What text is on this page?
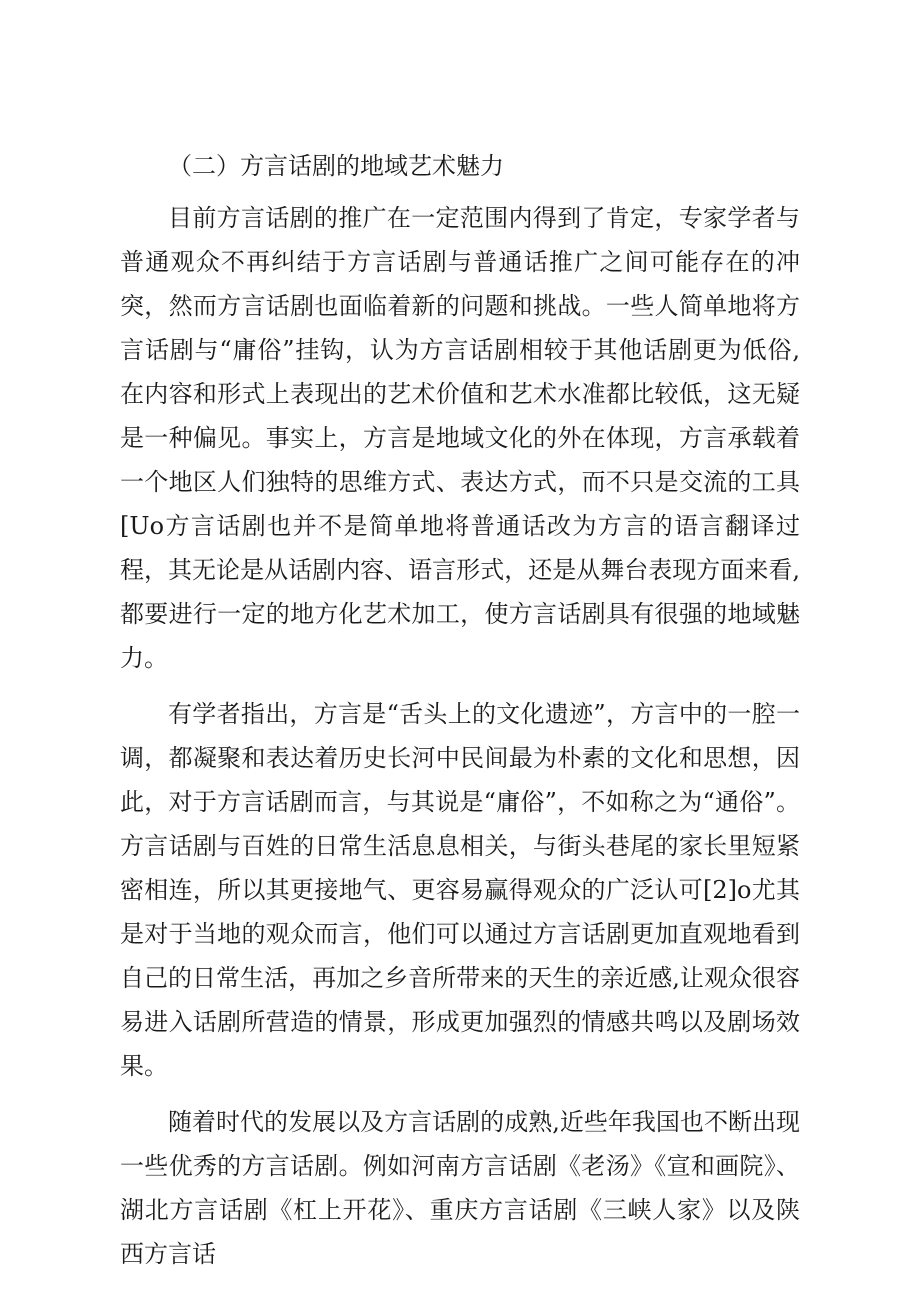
（二）方言话剧的地域艺术魅力

目前方言话剧的推广在一定范围内得到了肯定，专家学者与普通观众不再纠结于方言话剧与普通话推广之间可能存在的冲突，然而方言话剧也面临着新的问题和挑战。一些人简单地将方言话剧与“庸俗”挂钩，认为方言话剧相较于其他话剧更为低俗,在内容和形式上表现出的艺术价值和艺术水准都比较低，这无疑是一种偏见。事实上，方言是地域文化的外在体现，方言承载着一个地区人们独特的思维方式、表达方式，而不只是交流的工具[Uo方言话剧也并不是简单地将普通话改为方言的语言翻译过程，其无论是从话剧内容、语言形式，还是从舞台表现方面来看,都要进行一定的地方化艺术加工，使方言话剧具有很强的地域魅力。

有学者指出，方言是“舌头上的文化遗迹”，方言中的一腔一调，都凝聚和表达着历史长河中民间最为朴素的文化和思想，因此，对于方言话剧而言，与其说是“庸俗”，不如称之为“通俗”。方言话剧与百姓的日常生活息息相关，与街头巷尾的家长里短紧密相连，所以其更接地气、更容易赢得观众的广泛认可[2]o尤其是对于当地的观众而言，他们可以通过方言话剧更加直观地看到自己的日常生活，再加之乡音所带来的天生的亲近感,让观众很容易进入话剧所营造的情景，形成更加强烈的情感共鸣以及剧场效果。

随着时代的发展以及方言话剧的成熟,近些年我国也不断出现一些优秀的方言话剧。例如河南方言话剧《老汤》《宣和画院》、湖北方言话剧《杠上开花》、重庆方言话剧《三峡人家》以及陕西方言话
